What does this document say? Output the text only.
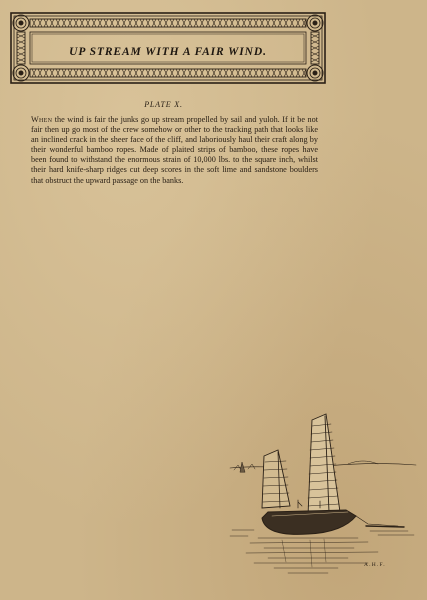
UP STREAM WITH A FAIR WIND.
PLATE X.
When the wind is fair the junks go up stream propelled by sail and yuloh. If it be not fair then up go most of the crew somehow or other to the tracking path that looks like an inclined crack in the sheer face of the cliff, and laboriously haul their craft along by their wonderful bamboo ropes. Made of plaited strips of bamboo, these ropes have been found to withstand the enormous strain of 10,000 lbs. to the square inch, whilst their hard knife-sharp ridges cut deep scores in the soft lime and sandstone boulders that obstruct the upward passage on the banks.
A.H.F.
